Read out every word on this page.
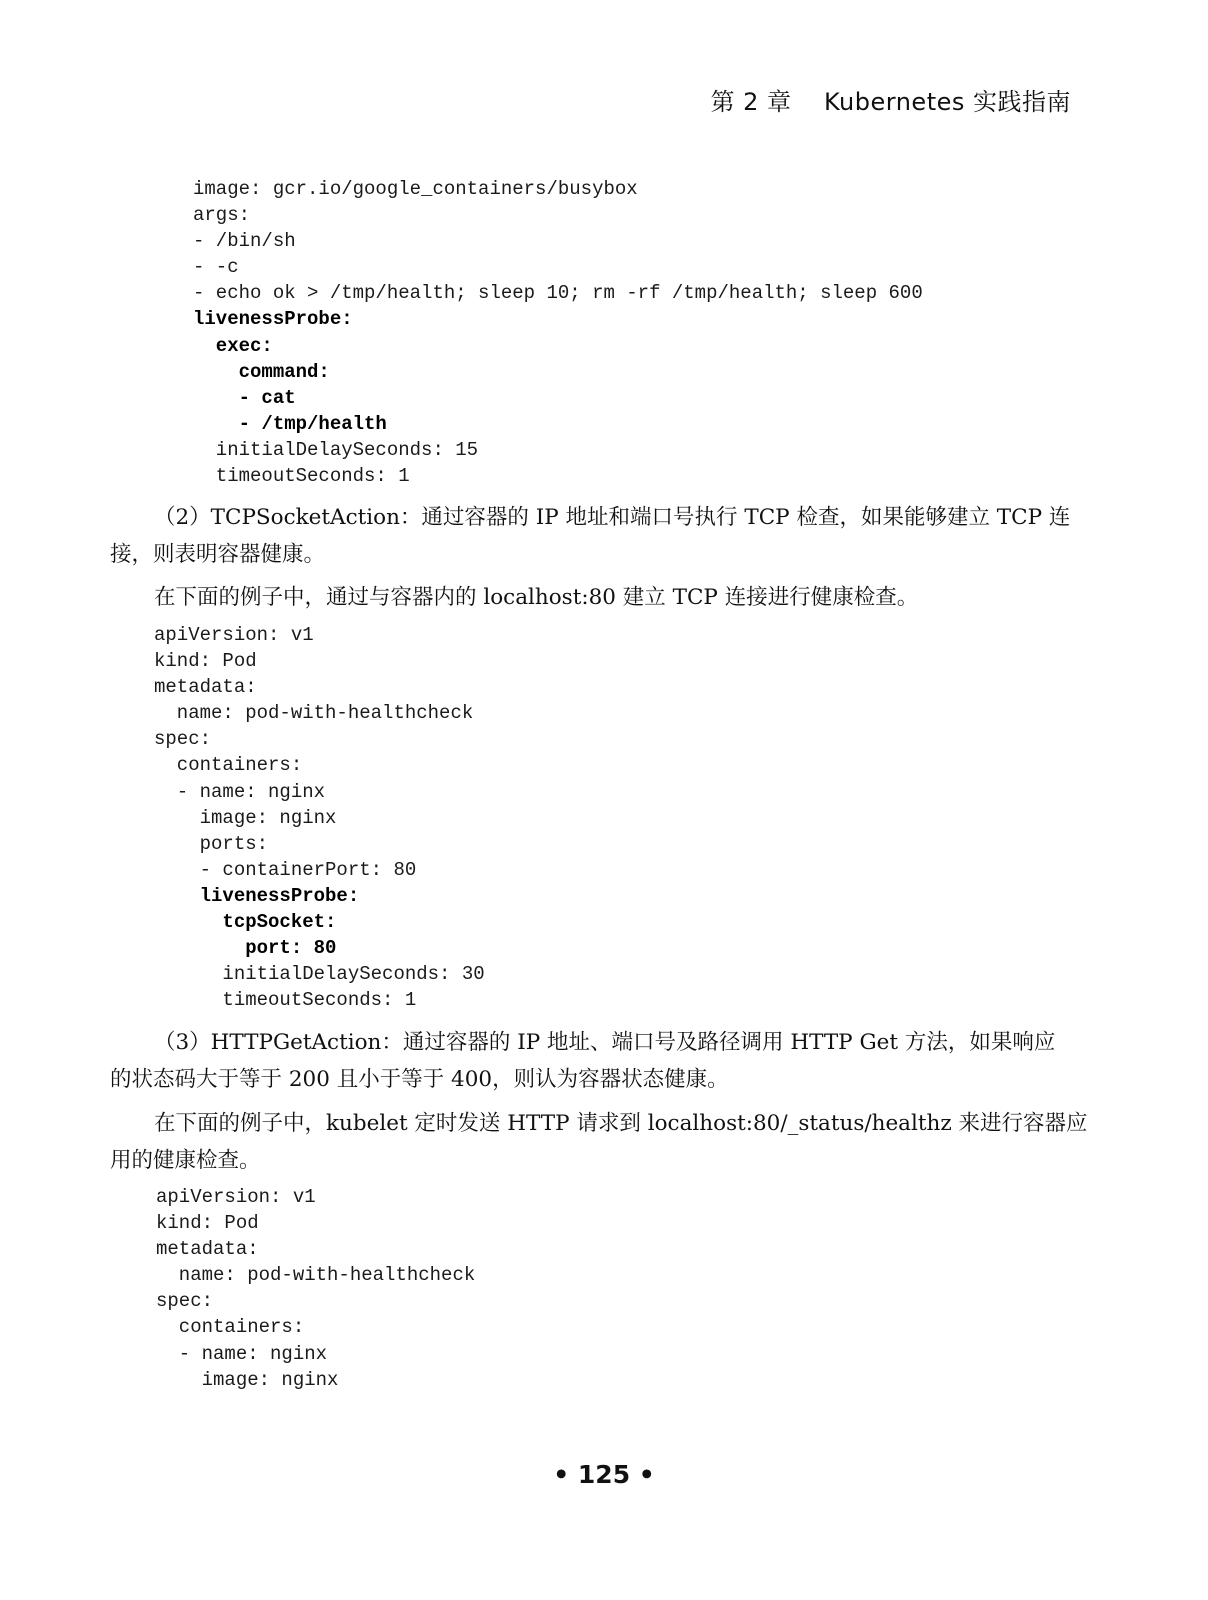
第 2 章 Kubernetes 实践指南
image: gcr.io/google_containers/busybox
args:
- /bin/sh
- -c
- echo ok > /tmp/health; sleep 10; rm -rf /tmp/health; sleep 600
livenessProbe:
exec:
command:
- cat
- /tmp/health
initialDelaySeconds: 15
timeoutSeconds: 1
（2）TCPSocketAction：通过容器的 IP 地址和端口号执行 TCP 检查，如果能够建立 TCP 连
接，则表明容器健康。
在下面的例子中，通过与容器内的 localhost:80 建立 TCP 连接进行健康检查。
apiVersion: v1
kind: Pod
metadata:
name: pod-with-healthcheck
spec:
containers:
- name: nginx
image: nginx
ports:
- containerPort: 80
livenessProbe:
tcpSocket:
port: 80
initialDelaySeconds: 30
timeoutSeconds: 1
（3）HTTPGetAction：通过容器的 IP 地址、端口号及路径调用 HTTP Get 方法，如果响应
的状态码大于等于 200 且小于等于 400，则认为容器状态健康。
在下面的例子中，kubelet 定时发送 HTTP 请求到 localhost:80/_status/healthz 来进行容器应
用的健康检查。
apiVersion: v1
kind: Pod
metadata:
name: pod-with-healthcheck
spec:
containers:
- name: nginx
image: nginx
• 125 •
